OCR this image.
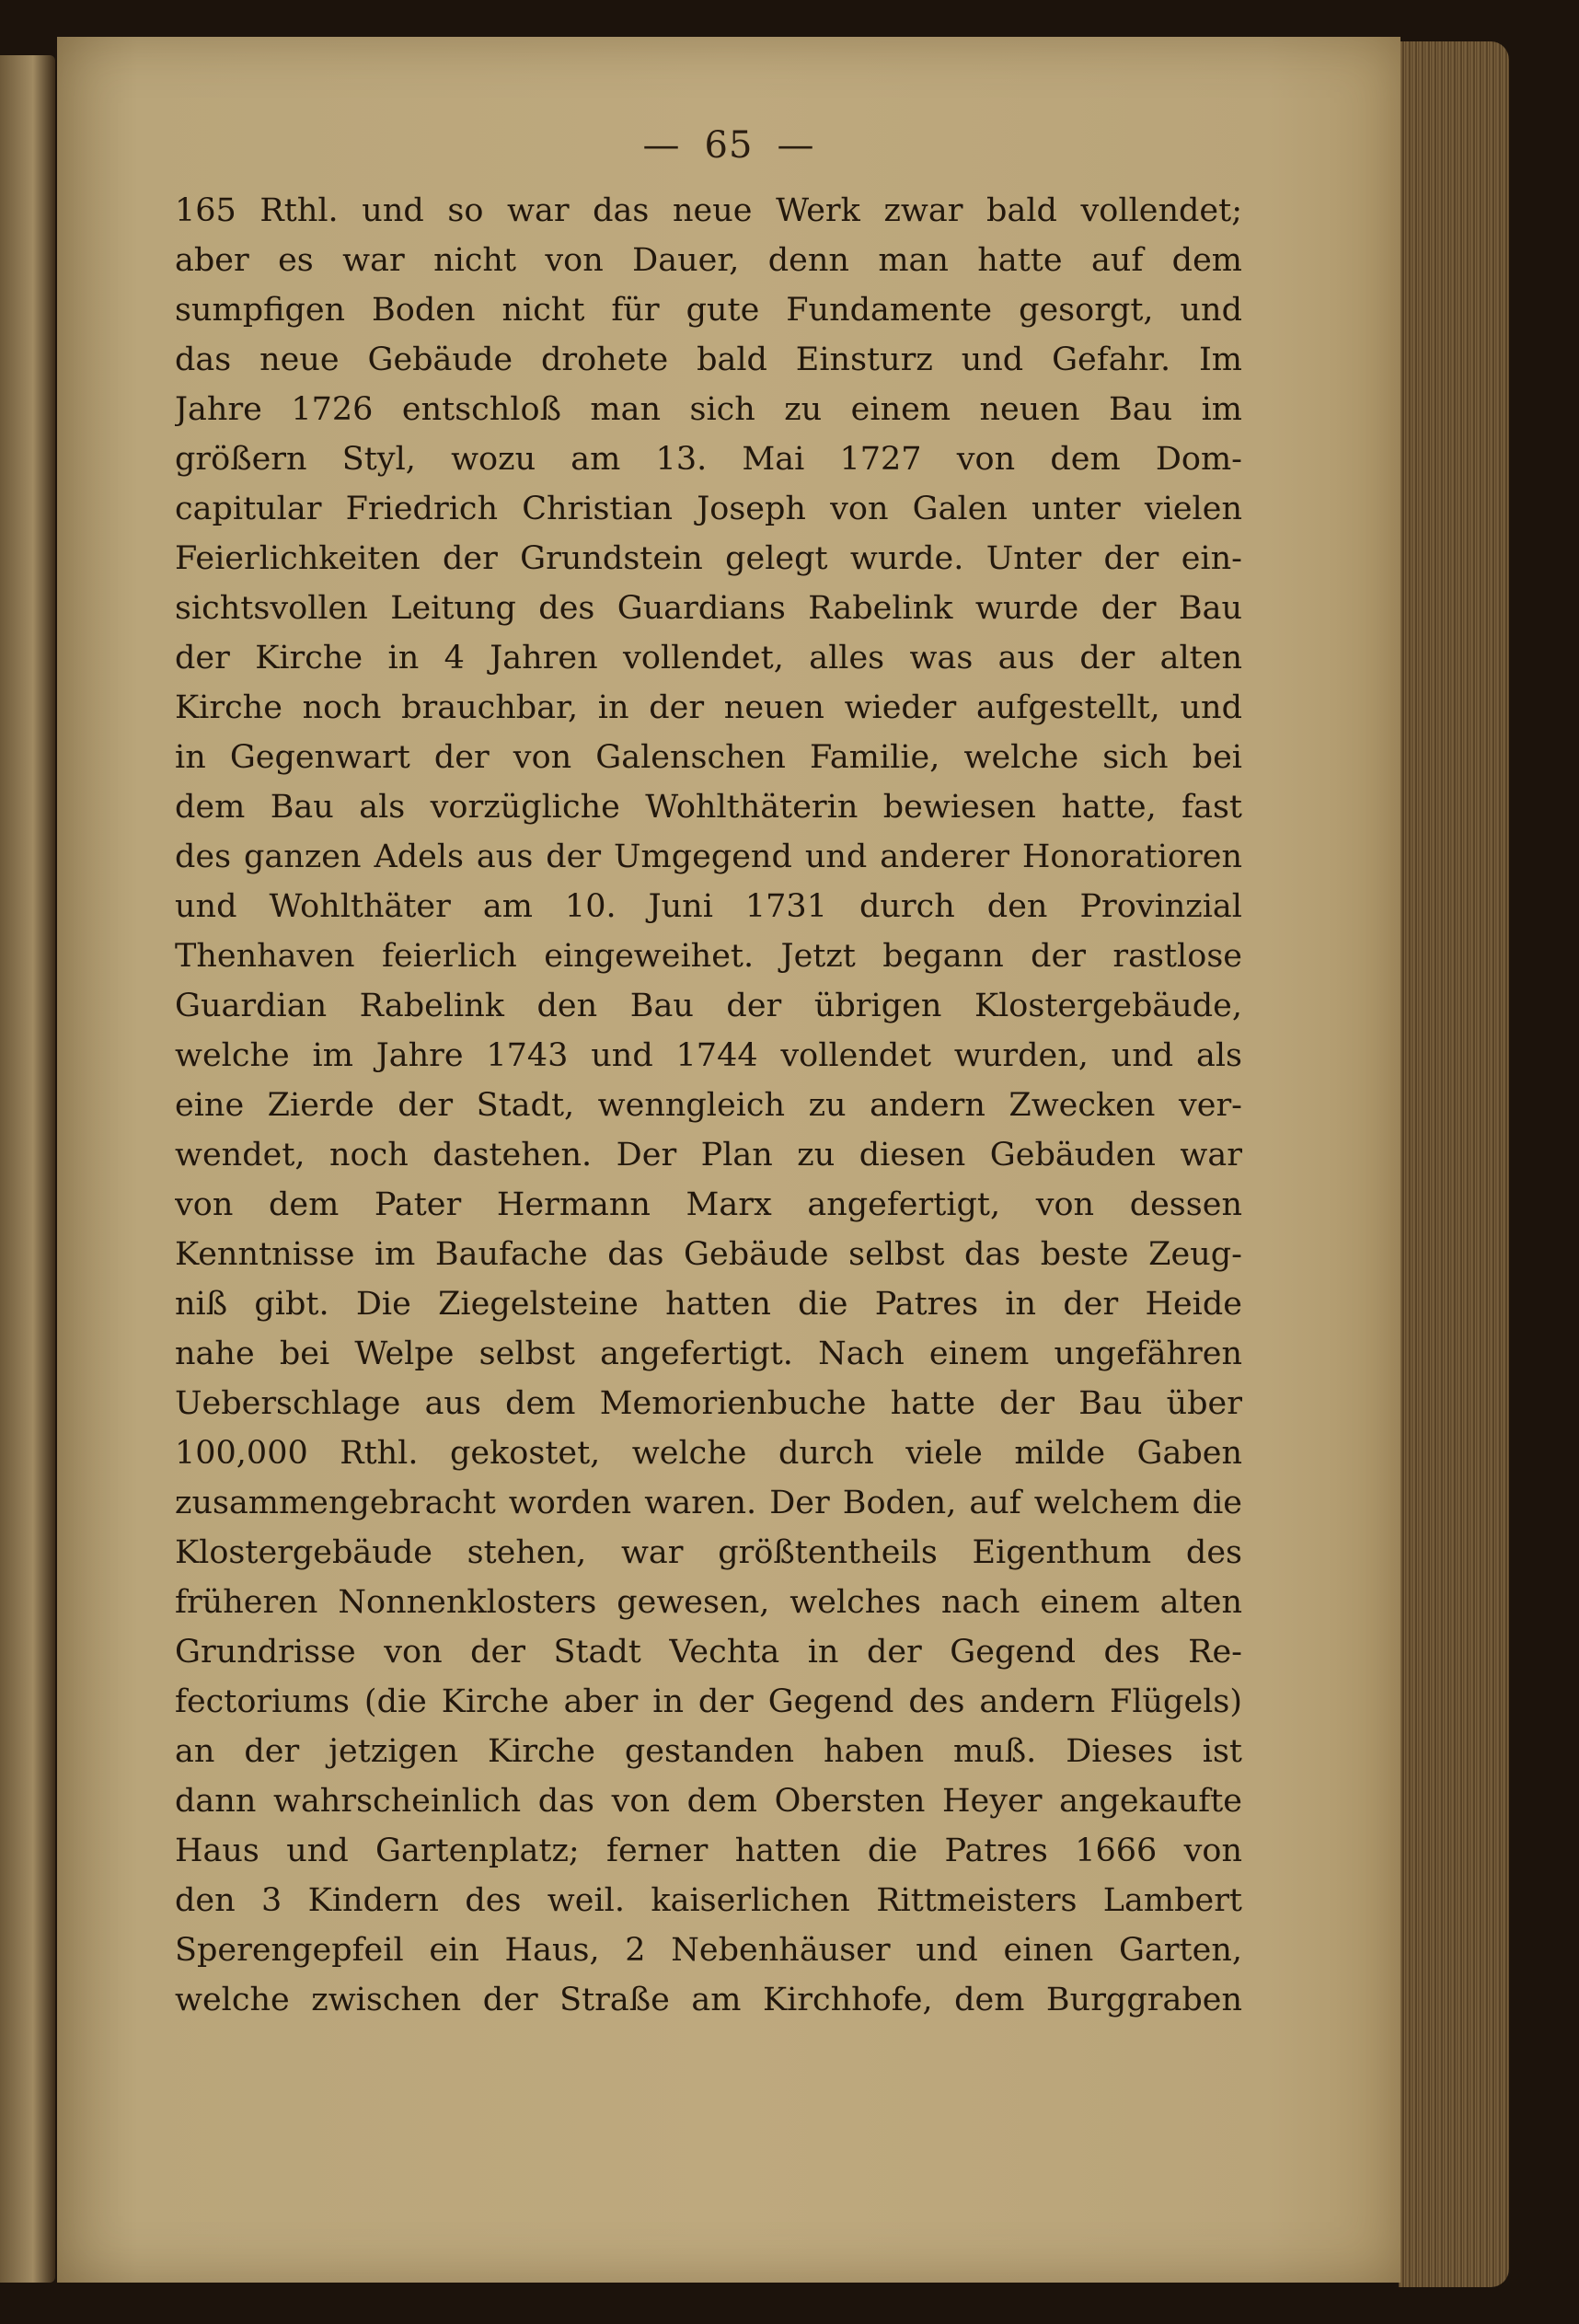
— 65 —
165 Rthl. und so war das neue Werk zwar bald vollendet;
aber es war nicht von Dauer, denn man hatte auf dem
sumpfigen Boden nicht für gute Fundamente gesorgt, und
das neue Gebäude drohete bald Einsturz und Gefahr. Im
Jahre 1726 entschloß man sich zu einem neuen Bau im
größern Styl, wozu am 13. Mai 1727 von dem Dom-
capitular Friedrich Christian Joseph von Galen unter vielen
Feierlichkeiten der Grundstein gelegt wurde. Unter der ein-
sichtsvollen Leitung des Guardians Rabelink wurde der Bau
der Kirche in 4 Jahren vollendet, alles was aus der alten
Kirche noch brauchbar, in der neuen wieder aufgestellt, und
in Gegenwart der von Galenschen Familie, welche sich bei
dem Bau als vorzügliche Wohlthäterin bewiesen hatte, fast
des ganzen Adels aus der Umgegend und anderer Honoratioren
und Wohlthäter am 10. Juni 1731 durch den Provinzial
Thenhaven feierlich eingeweihet. Jetzt begann der rastlose
Guardian Rabelink den Bau der übrigen Klostergebäude,
welche im Jahre 1743 und 1744 vollendet wurden, und als
eine Zierde der Stadt, wenngleich zu andern Zwecken ver-
wendet, noch dastehen. Der Plan zu diesen Gebäuden war
von dem Pater Hermann Marx angefertigt, von dessen
Kenntnisse im Baufache das Gebäude selbst das beste Zeug-
niß gibt. Die Ziegelsteine hatten die Patres in der Heide
nahe bei Welpe selbst angefertigt. Nach einem ungefähren
Ueberschlage aus dem Memorienbuche hatte der Bau über
100,000 Rthl. gekostet, welche durch viele milde Gaben
zusammengebracht worden waren. Der Boden, auf welchem die
Klostergebäude stehen, war größtentheils Eigenthum des
früheren Nonnenklosters gewesen, welches nach einem alten
Grundrisse von der Stadt Vechta in der Gegend des Re-
fectoriums (die Kirche aber in der Gegend des andern Flügels)
an der jetzigen Kirche gestanden haben muß. Dieses ist
dann wahrscheinlich das von dem Obersten Heyer angekaufte
Haus und Gartenplatz; ferner hatten die Patres 1666 von
den 3 Kindern des weil. kaiserlichen Rittmeisters Lambert
Sperengepfeil ein Haus, 2 Nebenhäuser und einen Garten,
welche zwischen der Straße am Kirchhofe, dem Burggraben
